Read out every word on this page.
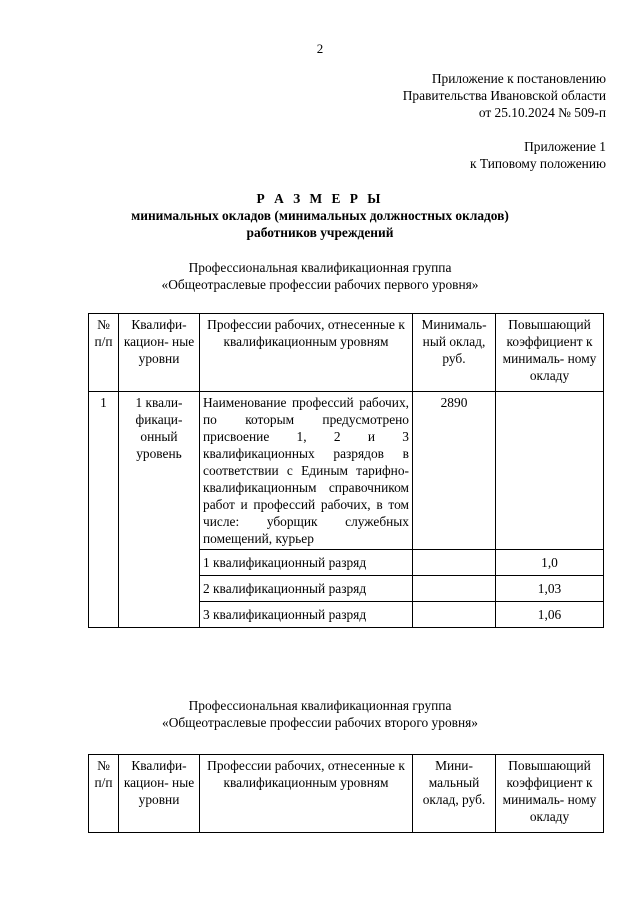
2
Приложение к постановлению
Правительства Ивановской области
от 25.10.2024 № 509-п
Приложение 1
к Типовому положению
Р А З М Е Р Ы
минимальных окладов (минимальных должностных окладов)
работников учреждений
Профессиональная квалификационная группа
«Общеотраслевые профессии рабочих первого уровня»
№ п/п	Квалифи- кацион- ные уровни	Профессии рабочих, отнесенные к квалификационным уровням	Минималь- ный оклад, руб.	Повышающий коэффициент к минималь- ному окладу
1	1 квали- фикаци- онный уровень	Наименование профессий рабочих, по которым предусмотрено присвоение 1, 2 и 3 квалификационных разрядов в соответствии с Единым тарифно-квалификационным справочником работ и профессий рабочих, в том числе: уборщик служебных помещений, курьер	2890	
		1 квалификационный разряд		1,0
		2 квалификационный разряд		1,03
		3 квалификационный разряд		1,06
Профессиональная квалификационная группа
«Общеотраслевые профессии рабочих второго уровня»
№ п/п	Квалифи- кацион- ные уровни	Профессии рабочих, отнесенные к квалификационным уровням	Мини- мальный оклад, руб.	Повышающий коэффициент к минималь- ному окладу
